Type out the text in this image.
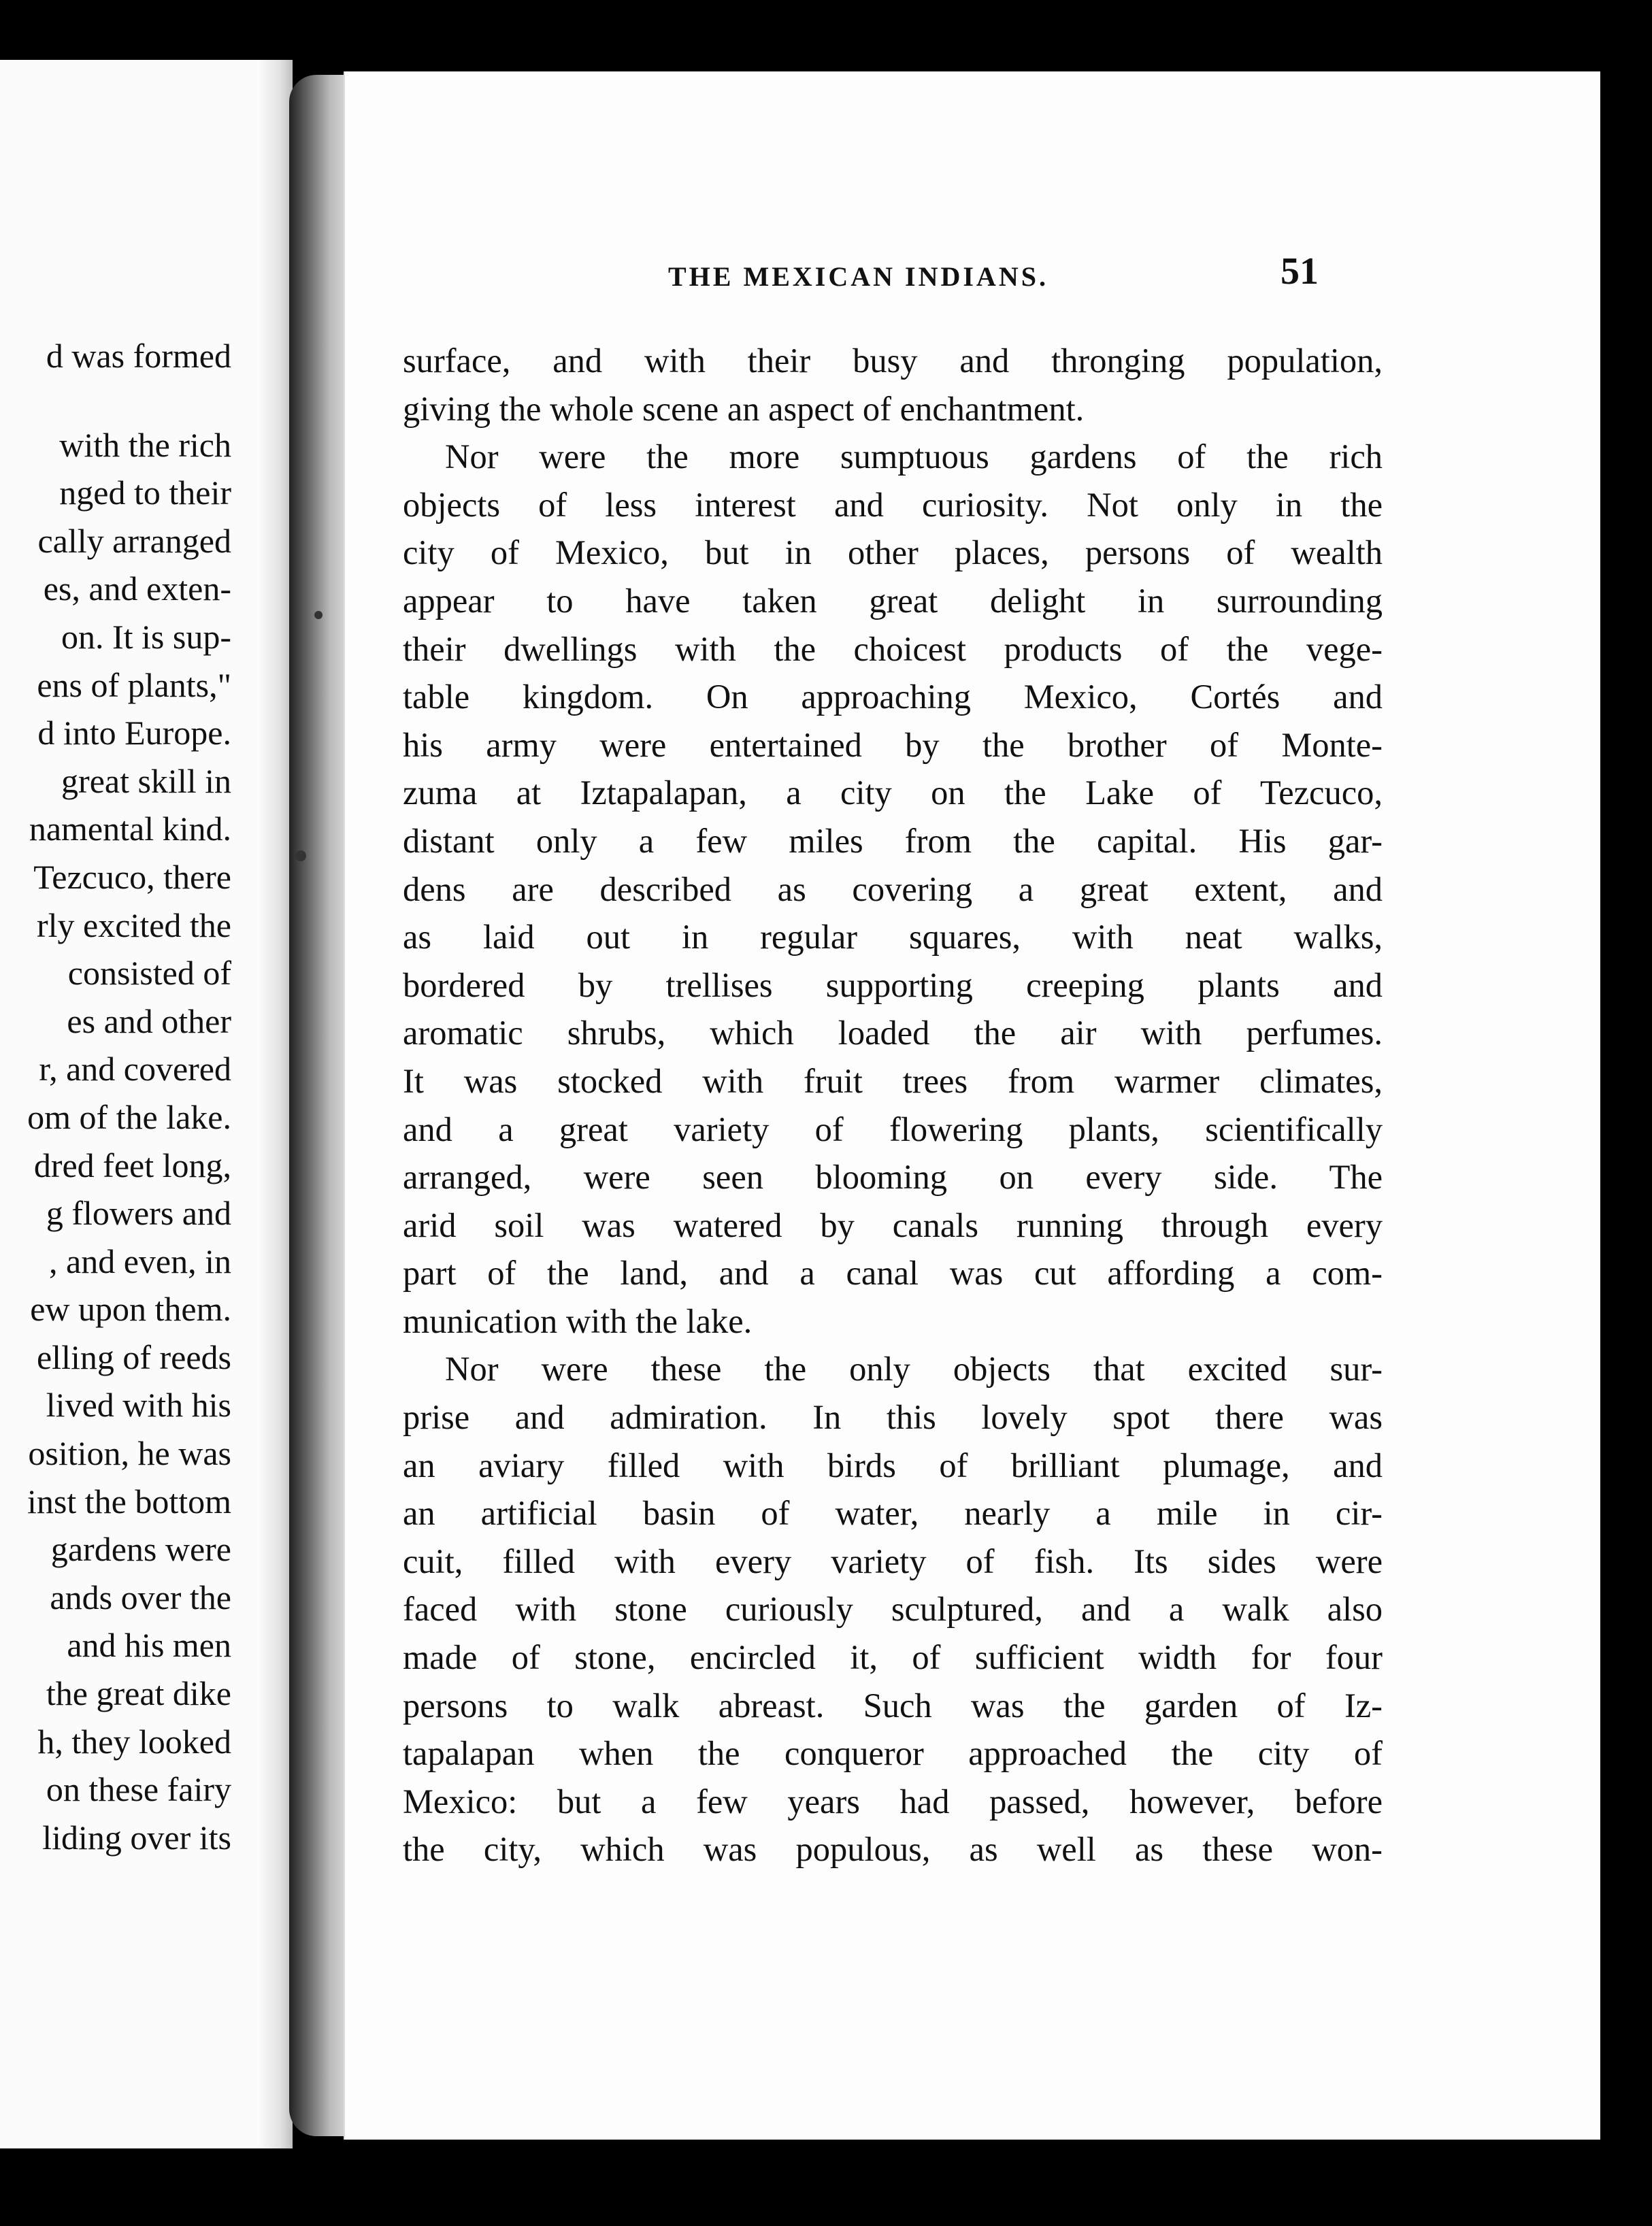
d was formed
with the rich
nged to their
cally arranged
es, and exten-
on. It is sup-
ens of plants,"
d into Europe.
great skill in
namental kind.
Tezcuco, there
rly excited the
consisted of
es and other
r, and covered
om of the lake.
dred feet long,
g flowers and
, and even, in
ew upon them.
elling of reeds
lived with his
osition, he was
inst the bottom
gardens were
ands over the
and his men
the great dike
h, they looked
on these fairy
liding over its
THE MEXICAN INDIANS.	51
surface, and with their busy and thronging population,
giving the whole scene an aspect of enchantment.
Nor were the more sumptuous gardens of the rich
objects of less interest and curiosity. Not only in the
city of Mexico, but in other places, persons of wealth
appear to have taken great delight in surrounding
their dwellings with the choicest products of the vege-
table kingdom. On approaching Mexico, Cortés and
his army were entertained by the brother of Monte-
zuma at Iztapalapan, a city on the Lake of Tezcuco,
distant only a few miles from the capital. His gar-
dens are described as covering a great extent, and
as laid out in regular squares, with neat walks,
bordered by trellises supporting creeping plants and
aromatic shrubs, which loaded the air with perfumes.
It was stocked with fruit trees from warmer climates,
and a great variety of flowering plants, scientifically
arranged, were seen blooming on every side. The
arid soil was watered by canals running through every
part of the land, and a canal was cut affording a com-
munication with the lake.
Nor were these the only objects that excited sur-
prise and admiration. In this lovely spot there was
an aviary filled with birds of brilliant plumage, and
an artificial basin of water, nearly a mile in cir-
cuit, filled with every variety of fish. Its sides were
faced with stone curiously sculptured, and a walk also
made of stone, encircled it, of sufficient width for four
persons to walk abreast. Such was the garden of Iz-
tapalapan when the conqueror approached the city of
Mexico: but a few years had passed, however, before
the city, which was populous, as well as these won-
